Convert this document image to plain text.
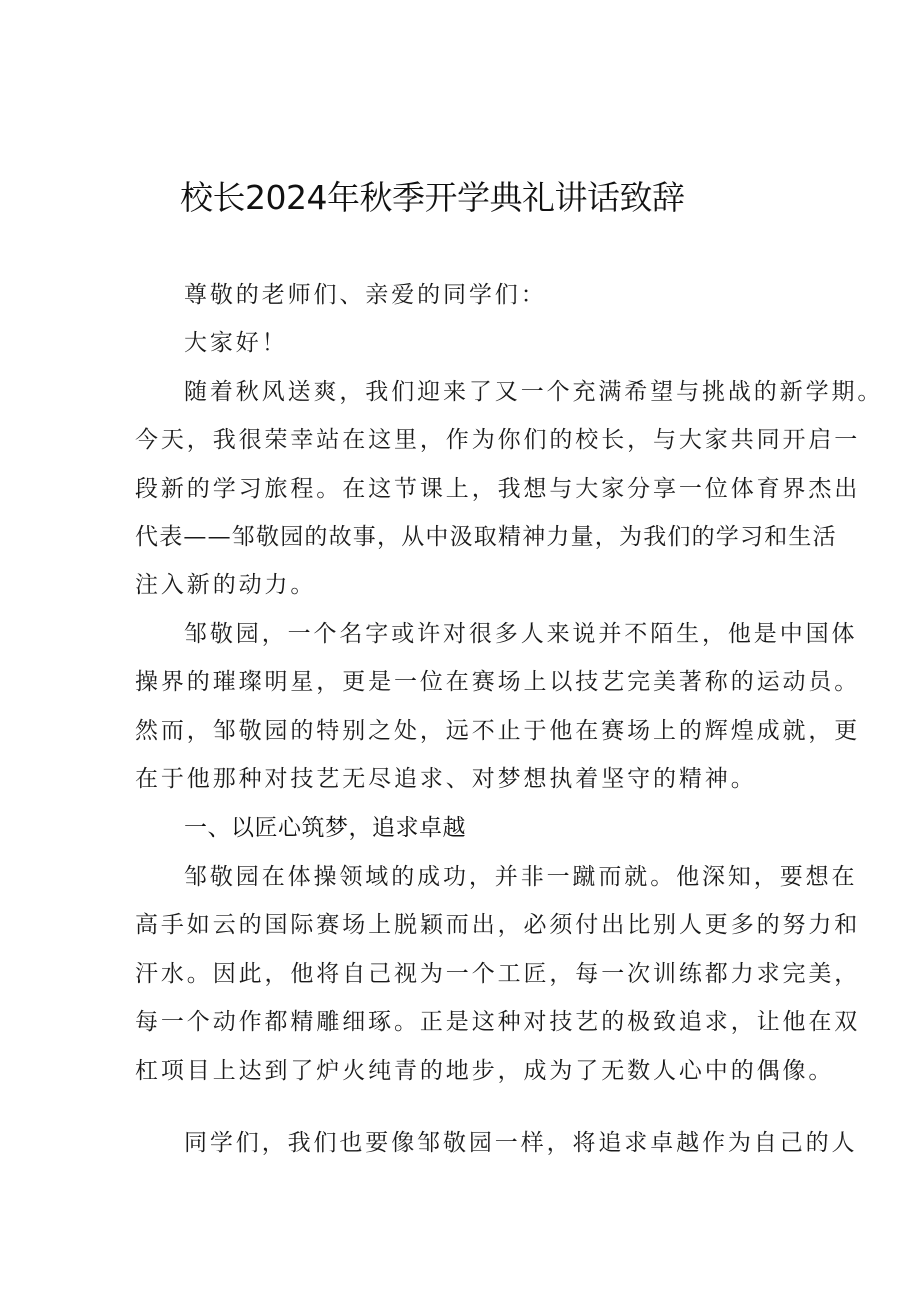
校长2024年秋季开学典礼讲话致辞

尊敬的老师们、亲爱的同学们：

大家好！

随着秋风送爽，我们迎来了又一个充满希望与挑战的新学期。

今天，我很荣幸站在这里，作为你们的校长，与大家共同开启一

段新的学习旅程。在这节课上，我想与大家分享一位体育界杰出

代表——邹敬园的故事，从中汲取精神力量，为我们的学习和生活

注入新的动力。

邹敬园，一个名字或许对很多人来说并不陌生，他是中国体

操界的璀璨明星，更是一位在赛场上以技艺完美著称的运动员。

然而，邹敬园的特别之处，远不止于他在赛场上的辉煌成就，更

在于他那种对技艺无尽追求、对梦想执着坚守的精神。

一、以匠心筑梦，追求卓越

邹敬园在体操领域的成功，并非一蹴而就。他深知，要想在

高手如云的国际赛场上脱颖而出，必须付出比别人更多的努力和

汗水。因此，他将自己视为一个工匠，每一次训练都力求完美，

每一个动作都精雕细琢。正是这种对技艺的极致追求，让他在双

杠项目上达到了炉火纯青的地步，成为了无数人心中的偶像。

同学们，我们也要像邹敬园一样，将追求卓越作为自己的人
